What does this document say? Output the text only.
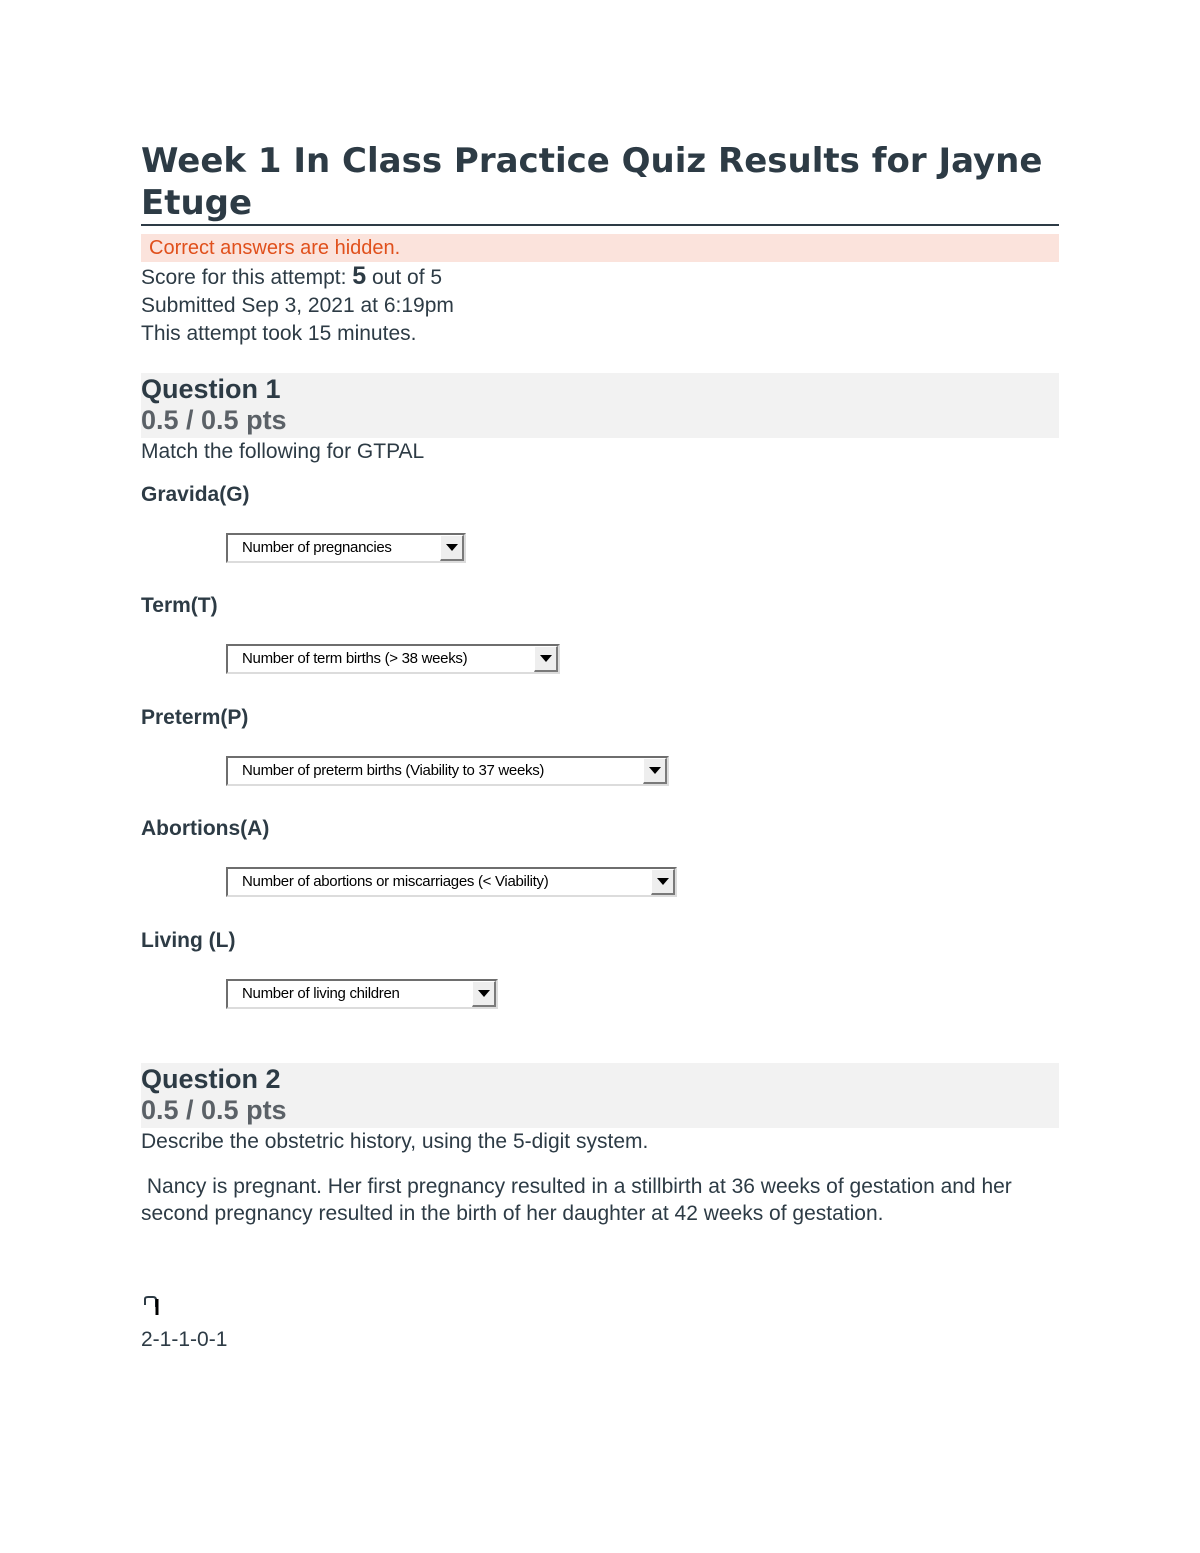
Week 1 In Class Practice Quiz Results for Jayne Etuge
Correct answers are hidden.
Score for this attempt: 5 out of 5
Submitted Sep 3, 2021 at 6:19pm
This attempt took 15 minutes.
Question 1
0.5 / 0.5 pts
Match the following for GTPAL
Gravida(G)
Number of pregnancies
Term(T)
Number of term births (> 38 weeks)
Preterm(P)
Number of preterm births (Viability to 37 weeks)
Abortions(A)
Number of abortions or miscarriages (< Viability)
Living (L)
Number of living children
Question 2
0.5 / 0.5 pts
Describe the obstetric history, using the 5-digit system.
Nancy is pregnant. Her first pregnancy resulted in a stillbirth at 36 weeks of gestation and her second pregnancy resulted in the birth of her daughter at 42 weeks of gestation.
2-1-1-0-1
